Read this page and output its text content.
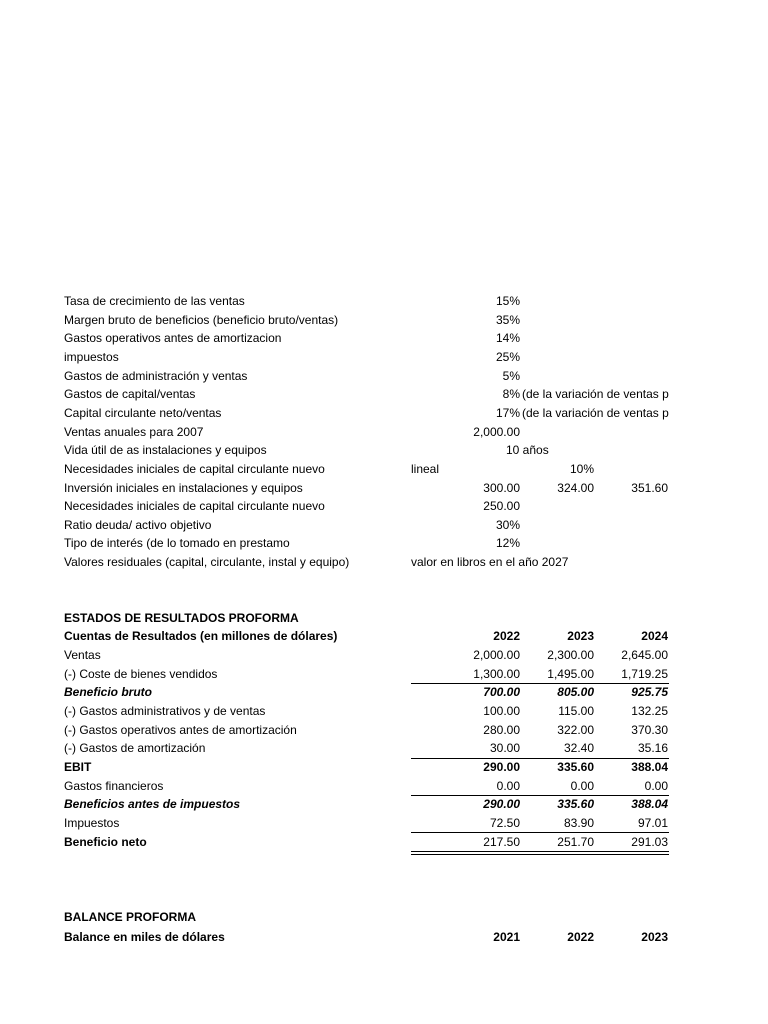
Tasa de crecimiento de las ventas	15%
Margen bruto de beneficios (beneficio bruto/ventas)	35%
Gastos operativos antes de amortizacion	14%
impuestos	25%
Gastos de administración y ventas	5%
Gastos de capital/ventas	8% (de la variación de ventas p
Capital circulante neto/ventas	17% (de la variación de ventas p
Ventas anuales para 2007	2,000.00
Vida útil de as instalaciones y equipos	10 años
Necesidades iniciales de capital circulante nuevo	lineal	10%
Inversión iniciales en instalaciones y equipos	300.00	324.00	351.60
Necesidades iniciales de capital circulante nuevo	250.00
Ratio deuda/ activo objetivo	30%
Tipo de interés (de lo tomado en prestamo	12%
Valores residuales (capital, circulante, instal y equipo)	valor en libros en el año 2027
ESTADOS DE RESULTADOS PROFORMA
Cuentas de Resultados (en millones de dólares)	2022	2023	2024
Ventas	2,000.00	2,300.00	2,645.00
(-) Coste de bienes vendidos	1,300.00	1,495.00	1,719.25
Beneficio bruto	700.00	805.00	925.75
(-) Gastos administrativos y de ventas	100.00	115.00	132.25
(-) Gastos operativos antes de amortización	280.00	322.00	370.30
(-) Gastos de amortización	30.00	32.40	35.16
EBIT	290.00	335.60	388.04
Gastos financieros	0.00	0.00	0.00
Beneficios antes de impuestos	290.00	335.60	388.04
Impuestos	72.50	83.90	97.01
Beneficio neto	217.50	251.70	291.03
BALANCE PROFORMA
Balance en miles de dólares	2021	2022	2023
